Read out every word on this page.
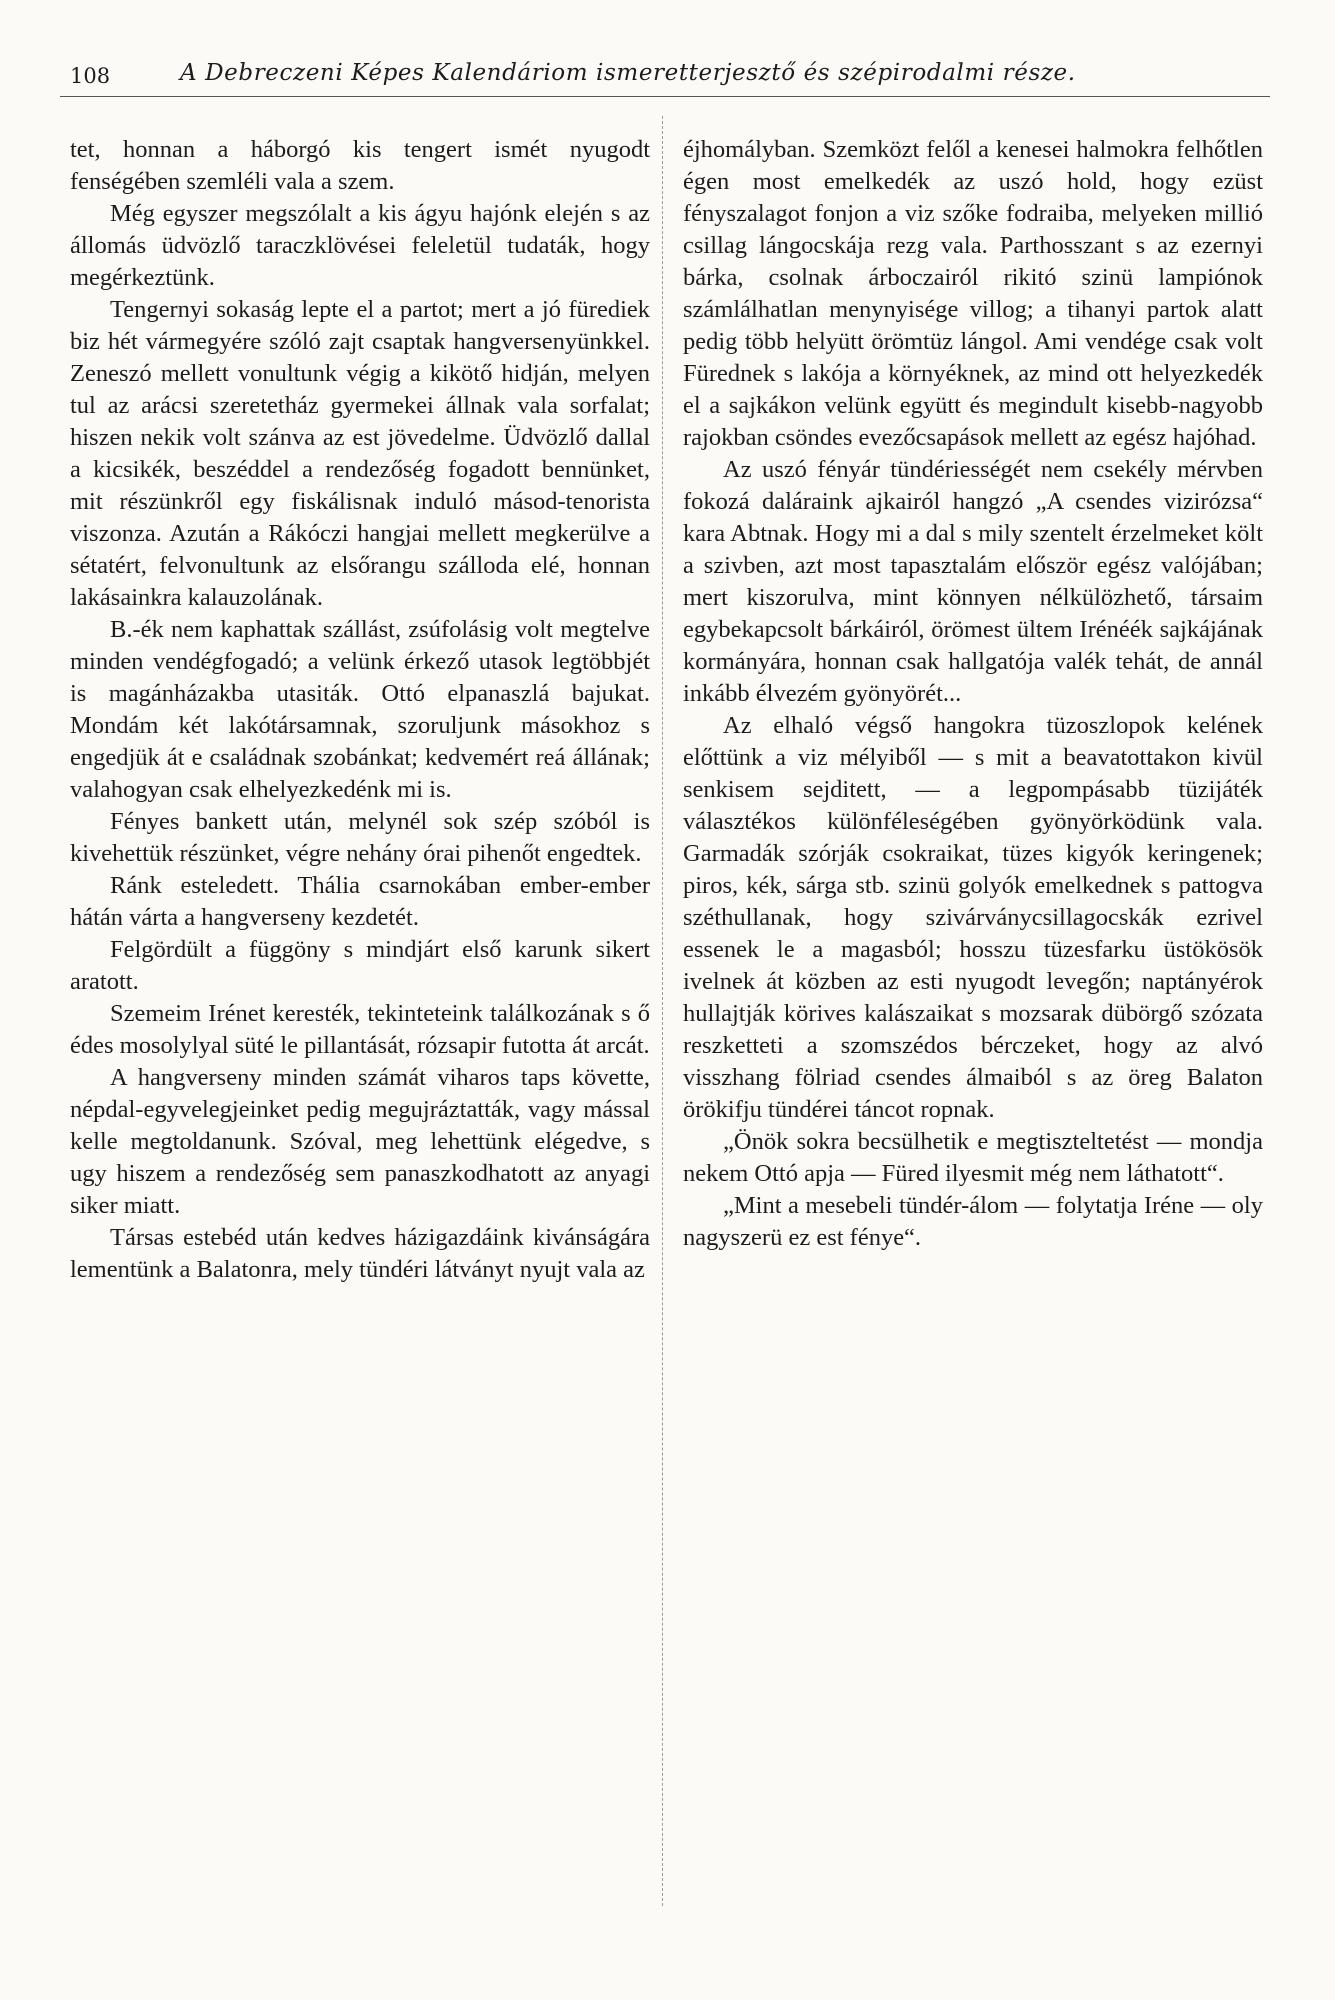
108	A Debreczeni Képes Kalendáriom ismeretterjesztő és szépirodalmi része.

tet, honnan a háborgó kis tengert ismét nyugodt fenségében szemléli vala a szem.

Még egyszer megszólalt a kis ágyu hajónk elején s az állomás üdvözlő taraczklövései feleletül tudaták, hogy megérkeztünk.

Tengernyi sokaság lepte el a partot; mert a jó fürediek biz hét vármegyére szóló zajt csaptak hangversenyünkkel. Zeneszó mellett vonultunk végig a kikötő hidján, melyen tul az arácsi szeretetház gyermekei állnak vala sorfalat; hiszen nekik volt szánva az est jövedelme. Üdvözlő dallal a kicsikék, beszéddel a rendezőség fogadott bennünket, mit részünkről egy fiskálisnak induló másod-tenorista viszonza. Azután a Rákóczi hangjai mellett megkerülve a sétatért, felvonultunk az elsőrangu szálloda elé, honnan lakásainkra kalauzolának.

B.-ék nem kaphattak szállást, zsúfolásig volt megtelve minden vendégfogadó; a velünk érkező utasok legtöbbjét is magánházakba utasiták. Ottó elpanaszlá bajukat. Mondám két lakótársamnak, szoruljunk másokhoz s engedjük át e családnak szobánkat; kedvemért reá állának; valahogyan csak elhelyezkedénk mi is.

Fényes bankett után, melynél sok szép szóból is kivehettük részünket, végre nehány órai pihenőt engedtek.

Ránk esteledett. Thália csarnokában ember-ember hátán várta a hangverseny kezdetét.

Felgördült a függöny s mindjárt első karunk sikert aratott.

Szemeim Irénet keresték, tekinteteink találkozának s ő édes mosolylyal süté le pillantását, rózsapir futotta át arcát.

A hangverseny minden számát viharos taps követte, népdal-egyvelegjeinket pedig megujráztatták, vagy mással kelle megtoldanunk. Szóval, meg lehettünk elégedve, s ugy hiszem a rendezőség sem panaszkodhatott az anyagi siker miatt.

Társas estebéd után kedves házigazdáink kivánságára lementünk a Balatonra, mely tündéri látványt nyujt vala az

éjhomályban. Szemközt felől a kenesei halmokra felhőtlen égen most emelkedék az uszó hold, hogy ezüst fényszalagot fonjon a viz szőke fodraiba, melyeken millió csillag lángocskája rezg vala. Parthosszant s az ezernyi bárka, csolnak árboczairól rikitó szinü lampiónok számlálhatlan menynyisége villog; a tihanyi partok alatt pedig több helyütt örömtüz lángol. Ami vendége csak volt Fürednek s lakója a környéknek, az mind ott helyezkedék el a sajkákon velünk együtt és megindult kisebb-nagyobb rajokban csöndes evezőcsapások mellett az egész hajóhad.

Az uszó fényár tündériességét nem csekély mérvben fokozá daláraink ajkairól hangzó „A csendes vizirózsa“ kara Abtnak. Hogy mi a dal s mily szentelt érzelmeket költ a szivben, azt most tapasztalám először egész valójában; mert kiszorulva, mint könnyen nélkülözhető, társaim egybekapcsolt bárkáiról, örömest ültem Irénéék sajkájának kormányára, honnan csak hallgatója valék tehát, de annál inkább élvezém gyönyörét...

Az elhaló végső hangokra tüzoszlopok kelének előttünk a viz mélyiből — s mit a beavatottakon kivül senkisem sejditett, — a legpompásabb tüzijáték választékos különféleségében gyönyörködünk vala. Garmadák szórják csokraikat, tüzes kigyók keringenek; piros, kék, sárga stb. szinü golyók emelkednek s pattogva széthullanak, hogy szivárványcsillagocskák ezrivel essenek le a magasból; hosszu tüzesfarku üstökösök ivelnek át közben az esti nyugodt levegőn; naptányérok hullajtják körives kalászaikat s mozsarak dübörgő szózata reszketteti a szomszédos bérczeket, hogy az alvó visszhang fölriad csendes álmaiból s az öreg Balaton örökifju tündérei táncot ropnak.

„Önök sokra becsülhetik e megtiszteltetést — mondja nekem Ottó apja — Füred ilyesmit még nem láthatott“.

„Mint a mesebeli tündér-álom — folytatja Iréne — oly nagyszerü ez est fénye“.
